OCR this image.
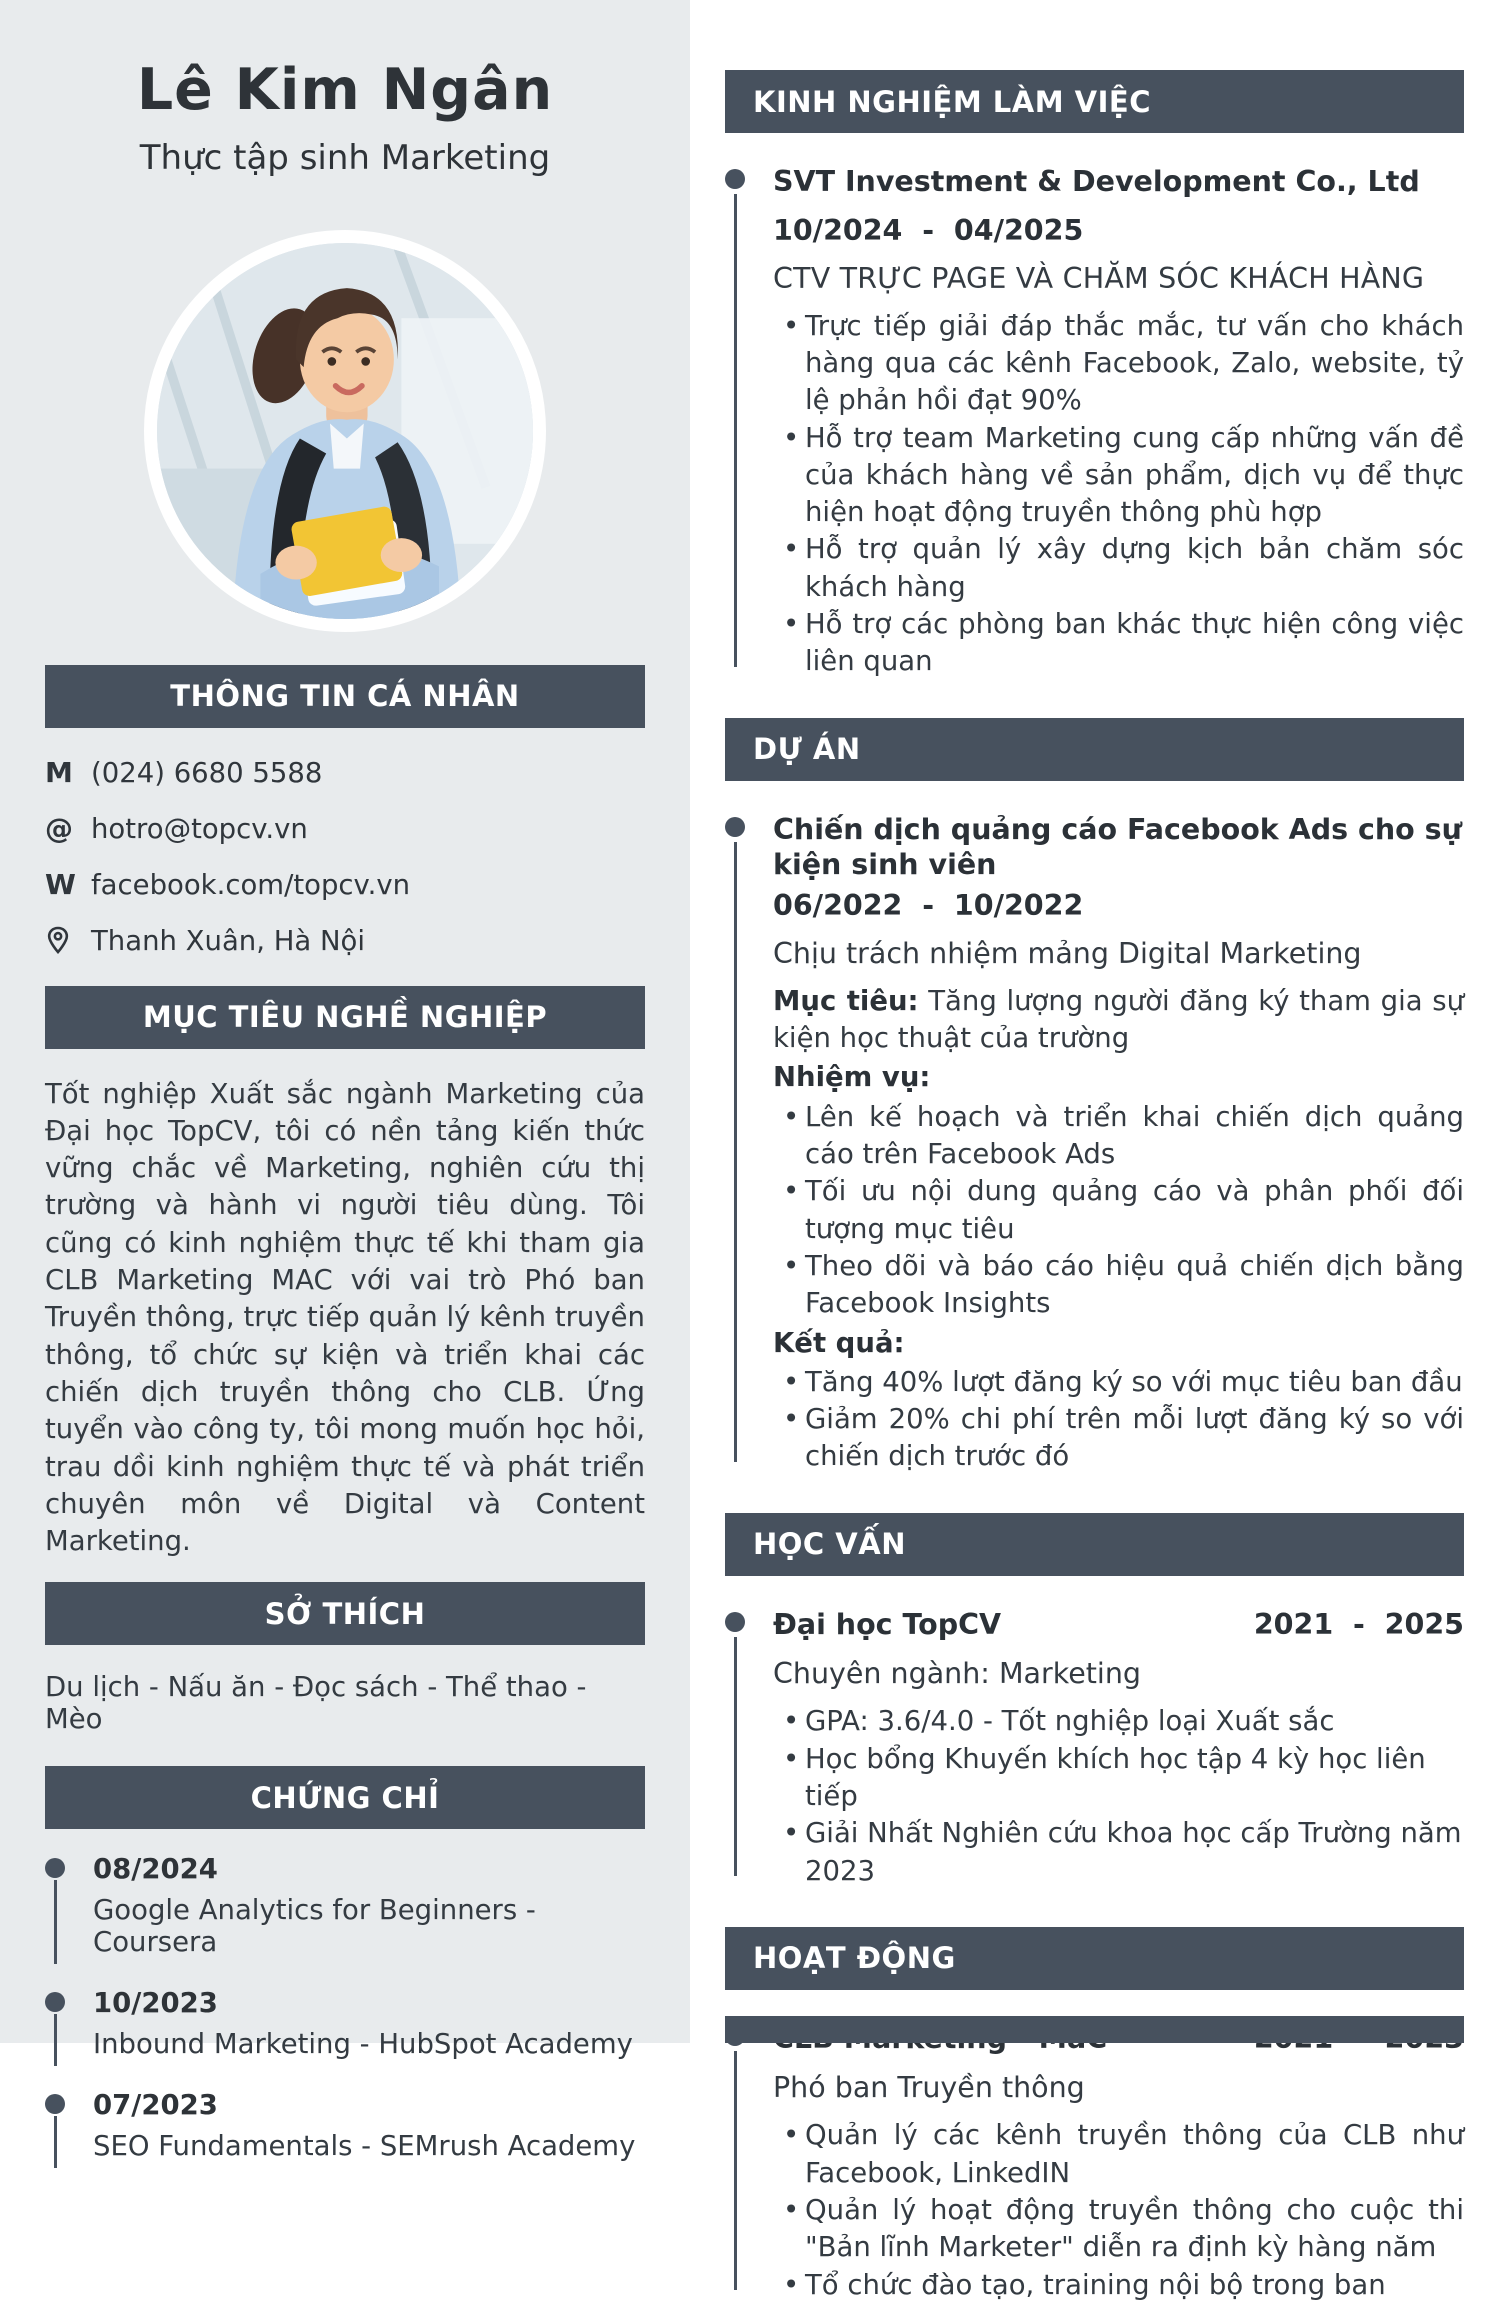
Lê Kim Ngân
Thực tập sinh Marketing
THÔNG TIN CÁ NHÂN
M (024) 6680 5588
@ hotro@topcv.vn
W facebook.com/topcv.vn
Thanh Xuân, Hà Nội
MỤC TIÊU NGHỀ NGHIỆP

Tốt nghiệp Xuất sắc ngành Marketing của Đại học TopCV, tôi có nền tảng kiến thức vững chắc về Marketing, nghiên cứu thị trường và hành vi người tiêu dùng. Tôi cũng có kinh nghiệm thực tế khi tham gia CLB Marketing MAC với vai trò Phó ban Truyền thông, trực tiếp quản lý kênh truyền thông, tổ chức sự kiện và triển khai các chiến dịch truyền thông cho CLB. Ứng tuyển vào công ty, tôi mong muốn học hỏi, trau dồi kinh nghiệm thực tế và phát triển chuyên môn về Digital và Content Marketing.

SỞ THÍCH

Du lịch - Nấu ăn - Đọc sách - Thể thao - Mèo

CHỨNG CHỈ
08/2024
Google Analytics for Beginners - Coursera
10/2023
Inbound Marketing - HubSpot Academy
07/2023
SEO Fundamentals - SEMrush Academy
KINH NGHIỆM LÀM VIỆC
SVT Investment & Development Co., Ltd
10/2024  -  04/2025
CTV TRỰC PAGE VÀ CHĂM SÓC KHÁCH HÀNG
• Trực tiếp giải đáp thắc mắc, tư vấn cho khách hàng qua các kênh Facebook, Zalo, website, tỷ lệ phản hồi đạt 90%
• Hỗ trợ team Marketing cung cấp những vấn đề của khách hàng về sản phẩm, dịch vụ để thực hiện hoạt động truyền thông phù hợp
• Hỗ trợ quản lý xây dựng kịch bản chăm sóc khách hàng
• Hỗ trợ các phòng ban khác thực hiện công việc liên quan
DỰ ÁN
Chiến dịch quảng cáo Facebook Ads cho sự kiện sinh viên
06/2022  -  10/2022
Chịu trách nhiệm mảng Digital Marketing

Mục tiêu: Tăng lượng người đăng ký tham gia sự kiện học thuật của trường

Nhiệm vụ:
• Lên kế hoạch và triển khai chiến dịch quảng cáo trên Facebook Ads
• Tối ưu nội dung quảng cáo và phân phối đối tượng mục tiêu
• Theo dõi và báo cáo hiệu quả chiến dịch bằng Facebook Insights
Kết quả:
• Tăng 40% lượt đăng ký so với mục tiêu ban đầu
• Giảm 20% chi phí trên mỗi lượt đăng ký so với chiến dịch trước đó
HỌC VẤN
Đại học TopCV	2021  -  2025
Chuyên ngành: Marketing
• GPA: 3.6/4.0 - Tốt nghiệp loại Xuất sắc
• Học bổng Khuyến khích học tập 4 kỳ học liên tiếp
• Giải Nhất Nghiên cứu khoa học cấp Trường năm 2023
HOẠT ĐỘNG
Phó ban Truyền thông
• Quản lý các kênh truyền thông của CLB như Facebook, LinkedIN
• Quản lý hoạt động truyền thông cho cuộc thi "Bản lĩnh Marketer" diễn ra định kỳ hàng năm
• Tổ chức đào tạo, training nội bộ trong ban
